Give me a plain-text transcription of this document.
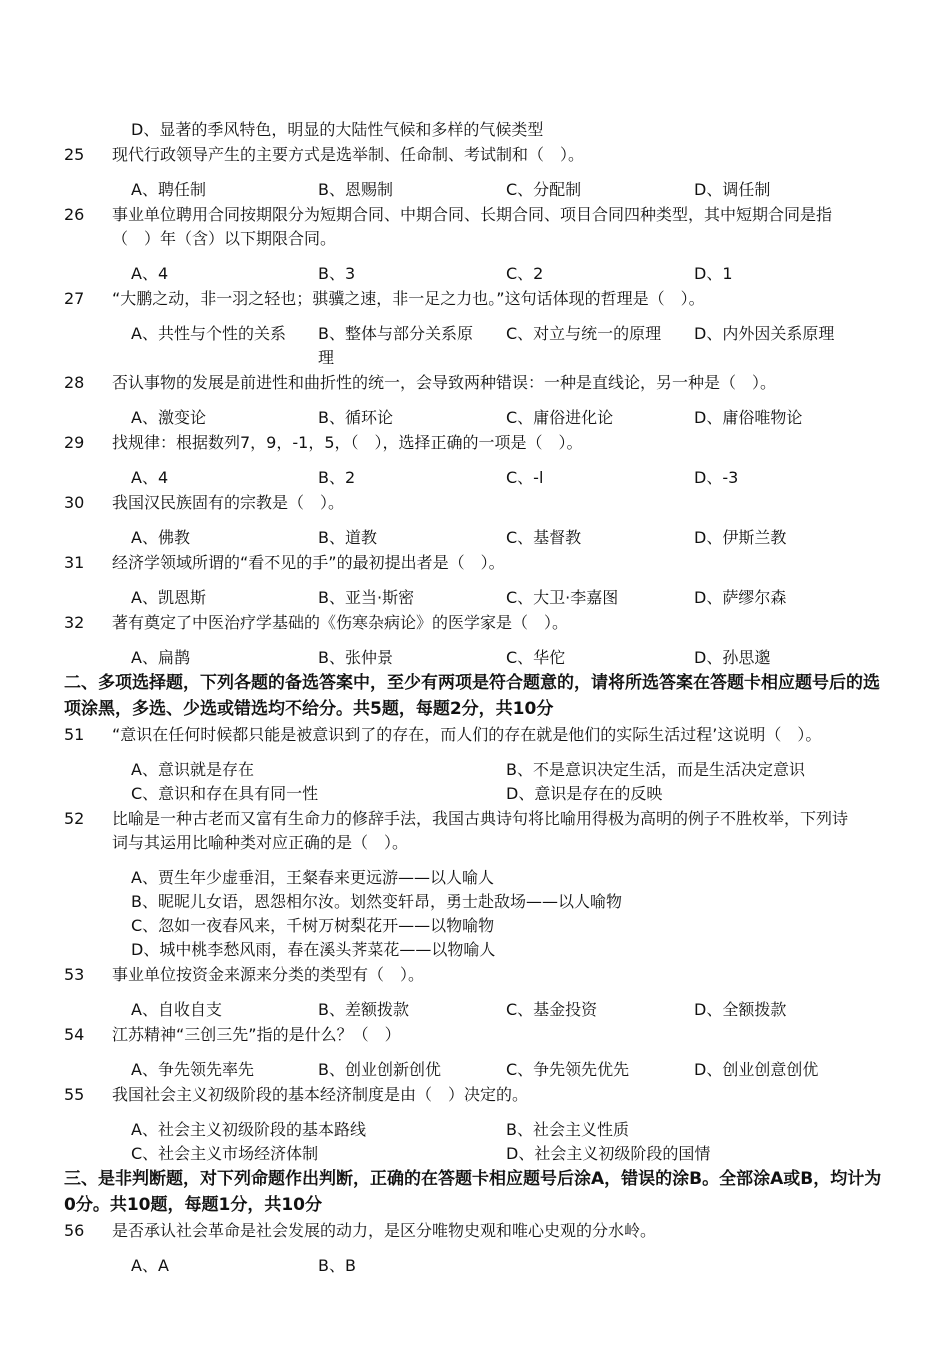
D、显著的季风特色，明显的大陆性气候和多样的气候类型
25 现代行政领导产生的主要方式是选举制、任命制、考试制和（　）。
A、聘任制	B、恩赐制	C、分配制	D、调任制
26 事业单位聘用合同按期限分为短期合同、中期合同、长期合同、项目合同四种类型，其中短期合同是指（　）年（含）以下期限合同。
A、4	B、3	C、2	D、1
27 “大鹏之动，非一羽之轻也；骐骥之速，非一足之力也。”这句话体现的哲理是（　）。
A、共性与个性的关系	B、整体与部分关系原理
C、对立与统一的原理	D、内外因关系原理
28 否认事物的发展是前进性和曲折性的统一，会导致两种错误：一种是直线论，另一种是（　）。
A、激变论	B、循环论	C、庸俗进化论	D、庸俗唯物论
29 找规律：根据数列7，9，-1，5，（　），选择正确的一项是（　）。
A、4	B、2	C、-l	D、-3
30 我国汉民族固有的宗教是（　）。
A、佛教	B、道教	C、基督教	D、伊斯兰教
31 经济学领域所谓的“看不见的手”的最初提出者是（　）。
A、凯恩斯	B、亚当·斯密	C、大卫·李嘉图	D、萨缪尔森
32 著有奠定了中医治疗学基础的《伤寒杂病论》的医学家是（　）。
A、扁鹊	B、张仲景	C、华佗	D、孙思邈
二、多项选择题，下列各题的备选答案中，至少有两项是符合题意的，请将所选答案在答题卡相应题号后的选项涂黑，多选、少选或错选均不给分。共5题，每题2分，共10分
51 “意识在任何时候都只能是被意识到了的存在，而人们的存在就是他们的实际生活过程’这说明（　）。
A、意识就是存在	B、不是意识决定生活，而是生活决定意识
C、意识和存在具有同一性	D、意识是存在的反映
52 比喻是一种古老而又富有生命力的修辞手法，我国古典诗句将比喻用得极为高明的例子不胜枚举，下列诗词与其运用比喻种类对应正确的是（　）。
A、贾生年少虚垂泪，王粲春来更远游——以人喻人
B、昵昵儿女语，恩怨相尔汝。划然变轩昂，勇士赴敌场——以人喻物
C、忽如一夜春风来，千树万树梨花开——以物喻物
D、城中桃李愁风雨，春在溪头荠菜花——以物喻人
53 事业单位按资金来源来分类的类型有（　）。
A、自收自支	B、差额拨款	C、基金投资	D、全额拨款
54 江苏精神“三创三先”指的是什么？（　）
A、争先领先率先	B、创业创新创优	C、争先领先优先	D、创业创意创优
55 我国社会主义初级阶段的基本经济制度是由（　）决定的。
A、社会主义初级阶段的基本路线	B、社会主义性质
C、社会主义市场经济体制	D、社会主义初级阶段的国情
三、是非判断题，对下列命题作出判断，正确的在答题卡相应题号后涂A，错误的涂B。全部涂A或B，均计为0分。共10题，每题1分，共10分
56 是否承认社会革命是社会发展的动力，是区分唯物史观和唯心史观的分水岭。
A、A	B、B
